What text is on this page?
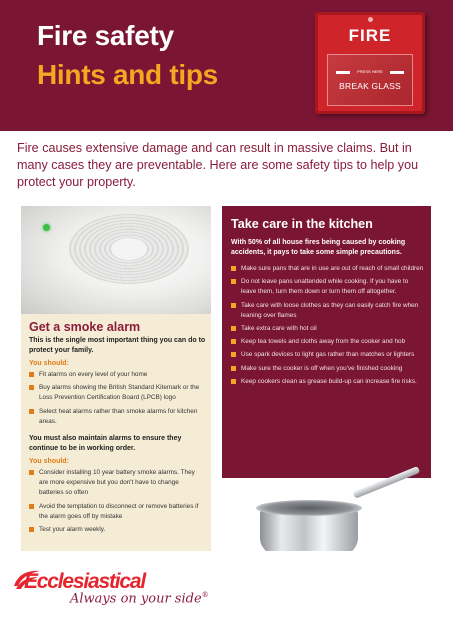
Fire safety
Hints and tips
FIRE
PRESS HERE
BREAK GLASS

Fire causes extensive damage and can result in massive claims. But in many cases they are preventable. Here are some safety tips to help you protect your property.

Get a smoke alarm

This is the single most important thing you can do to protect your family.

You should:

Fit alarms on every level of your home
Buy alarms showing the British Standard Kitemark or the Loss Prevention Certification Board (LPCB) logo
Select heat alarms rather than smoke alarms for kitchen areas.

You must also maintain alarms to ensure they continue to be in working order.

You should:

Consider installing 10 year battery smoke alarms. They are more expensive but you don't have to change batteries so often
Avoid the temptation to disconnect or remove batteries if the alarm goes off by mistake
Test your alarm weekly.
Take care in the kitchen

With 50% of all house fires being caused by cooking accidents, it pays to take some simple precautions.

Make sure pans that are in use are out of reach of small children
Do not leave pans unattended while cooking. If you have to leave them, turn them down or turn them off altogether.
Take care with loose clothes as they can easily catch fire when leaning over flames
Take extra care with hot oil
Keep tea towels and cloths away from the cooker and hob
Use spark devices to light gas rather than matches or lighters
Make sure the cooker is off when you've finished cooking
Keep cookers clean as grease build-up can increase fire risks.
Ecclesiastical
Always on your side®
